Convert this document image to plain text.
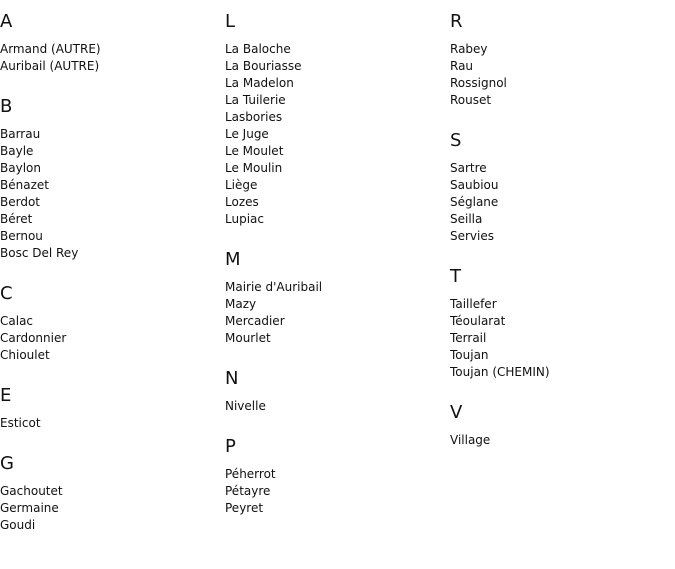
A
Armand (AUTRE)
Auribail (AUTRE)
B
Barrau
Bayle
Baylon
Bénazet
Berdot
Béret
Bernou
Bosc Del Rey
C
Calac
Cardonnier
Chioulet
E
Esticot
G
Gachoutet
Germaine
Goudi
L
La Baloche
La Bouriasse
La Madelon
La Tuilerie
Lasbories
Le Juge
Le Moulet
Le Moulin
Liège
Lozes
Lupiac
M
Mairie d'Auribail
Mazy
Mercadier
Mourlet
N
Nivelle
P
Péherrot
Pétayre
Peyret
R
Rabey
Rau
Rossignol
Rouset
S
Sartre
Saubiou
Séglane
Seilla
Servies
T
Taillefer
Téoularat
Terrail
Toujan
Toujan (CHEMIN)
V
Village
